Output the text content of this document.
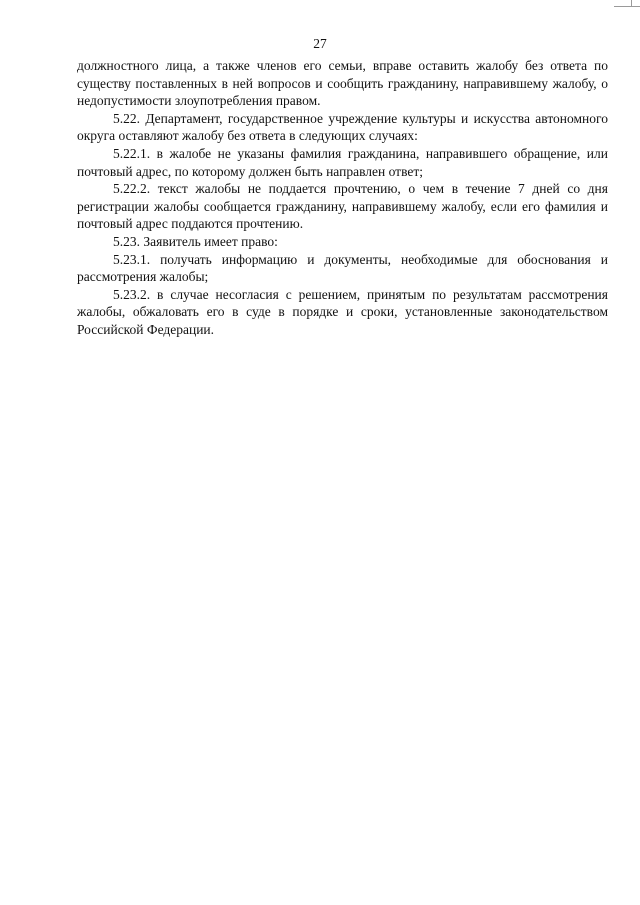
27

должностного лица, а также членов его семьи, вправе оставить жалобу без ответа по существу поставленных в ней вопросов и сообщить гражданину, направившему жалобу, о недопустимости злоупотребления правом.

5.22. Департамент, государственное учреждение культуры и искусства автономного округа оставляют жалобу без ответа в следующих случаях:

5.22.1. в жалобе не указаны фамилия гражданина, направившего обращение, или почтовый адрес, по которому должен быть направлен ответ;

5.22.2. текст жалобы не поддается прочтению, о чем в течение 7 дней со дня регистрации жалобы сообщается гражданину, направившему жалобу, если его фамилия и почтовый адрес поддаются прочтению.

5.23. Заявитель имеет право:

5.23.1. получать информацию и документы, необходимые для обоснования и рассмотрения жалобы;

5.23.2. в случае несогласия с решением, принятым по результатам рассмотрения жалобы, обжаловать его в суде в порядке и сроки, установленные законодательством Российской Федерации.
